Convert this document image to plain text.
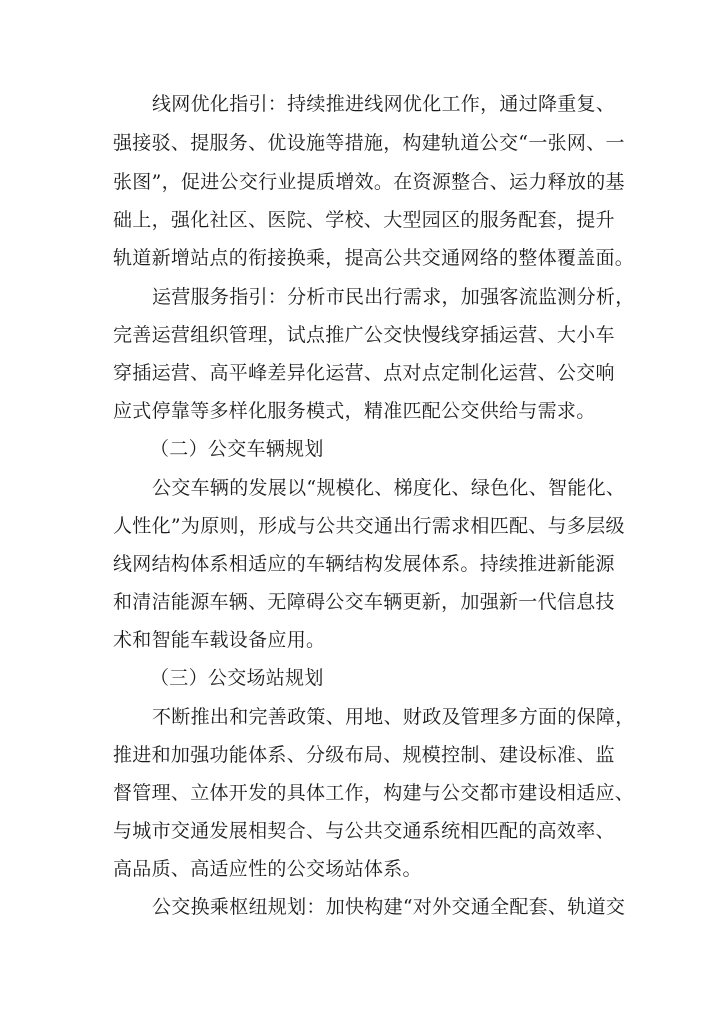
线网优化指引：持续推进线网优化工作，通过降重复、
强接驳、提服务、优设施等措施，构建轨道公交“一张网、一
张图”，促进公交行业提质增效。在资源整合、运力释放的基
础上，强化社区、医院、学校、大型园区的服务配套，提升
轨道新增站点的衔接换乘，提高公共交通网络的整体覆盖面。
运营服务指引：分析市民出行需求，加强客流监测分析，
完善运营组织管理，试点推广公交快慢线穿插运营、大小车
穿插运营、高平峰差异化运营、点对点定制化运营、公交响
应式停靠等多样化服务模式，精准匹配公交供给与需求。
（二）公交车辆规划
公交车辆的发展以“规模化、梯度化、绿色化、智能化、
人性化”为原则，形成与公共交通出行需求相匹配、与多层级
线网结构体系相适应的车辆结构发展体系。持续推进新能源
和清洁能源车辆、无障碍公交车辆更新，加强新一代信息技
术和智能车载设备应用。
（三）公交场站规划
不断推出和完善政策、用地、财政及管理多方面的保障，
推进和加强功能体系、分级布局、规模控制、建设标准、监
督管理、立体开发的具体工作，构建与公交都市建设相适应、
与城市交通发展相契合、与公共交通系统相匹配的高效率、
高品质、高适应性的公交场站体系。
公交换乘枢纽规划：加快构建“对外交通全配套、轨道交
